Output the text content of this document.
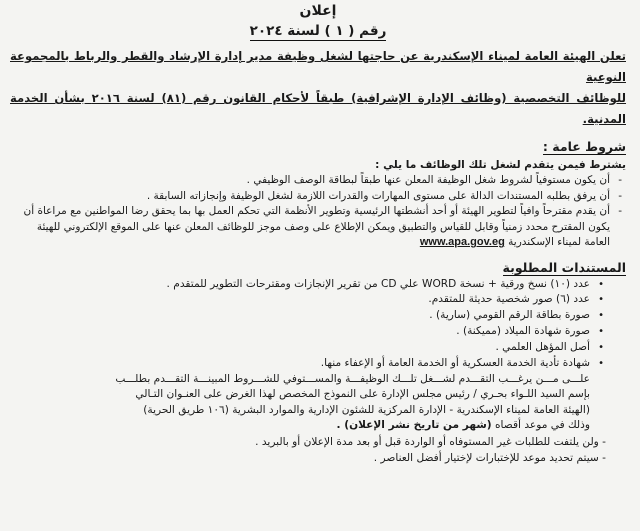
إعلان
رقم ( ١ ) لسنة ٢٠٢٤

تعلن الهيئة العامة لميناء الإسكندرية عن حاجتها لشغل وظيفة مدير إدارة الإرشاد والقطر والرباط بالمجموعة النوعية

للوظائف التخصصية (وظائف الإدارة الإشرافية) طبقاً لأحكام القانون رقم (٨١) لسنة ٢٠١٦ بشأن الخدمة المدنية.

شروط عامة :
يشترط فيمن يتقدم لشغل تلك الوظائف ما يلي :
-
أن يكون مستوفياً لشروط شغل الوظيفة المعلن عنها طبقاً لبطاقة الوصف الوظيفي .
-
أن يرفق بطلبه المستندات الدالة على مستوى المهارات والقدرات اللازمة لشغل الوظيفة وإنجازاته السابقة .
-
أن يقدم مقترحاً وافياً لتطوير الهيئة أو أحد أنشطتها الرئيسية وتطوير الأنظمة التي تحكم العمل بها بما يحقق رضا المواطنين مع مراعاة أن يكون المقترح محدد زمنياً وقابل للقياس والتطبيق ويمكن الإطلاع على وصف موجز للوظائف المعلن عنها على الموقع الإلكتروني للهيئة العامة لميناء الإسكندرية www.apa.gov.eg
المستندات المطلوبة
•
عدد (١٠) نسخ ورقية + نسخة WORD علي CD من تقرير الإنجازات ومقترحات التطوير للمتقدم .
•
عدد (٦) صور شخصية حديثة للمتقدم.
•
صورة بطاقة الرقم القومي (سارية) .
•
صورة شهادة الميلاد (مميكنة) .
•
أصل المؤهل العلمي .
•
شهادة تأدية الخدمة العسكرية أو الخدمة العامة أو الإعفاء منها.
علـــى مـــن يرغـــب التقـــدم لشـــغل تلـــك الوظيفـــة والمســـتوفي للشـــروط المبينـــة التقـــدم بطلـــب
بإسم السيد اللـواء بحـري / رئيس مجلس الإدارة على النموذج المخصص لهذا الغرض على العنـوان التـالي
(الهيئة العامة لميناء الإسكندرية - الإدارة المركزية للشئون الإدارية والموارد البشرية (١٠٦ طريق الحرية)
وذلك في موعد أقصاه (شهر من تاريخ نشر الإعلان) .

- ولن يلتفت للطلبات غير المستوفاه أو الواردة قبل أو بعد مدة الإعلان أو بالبريد .

- سيتم تحديد موعد للإختبارات لإختيار أفضل العناصر .
